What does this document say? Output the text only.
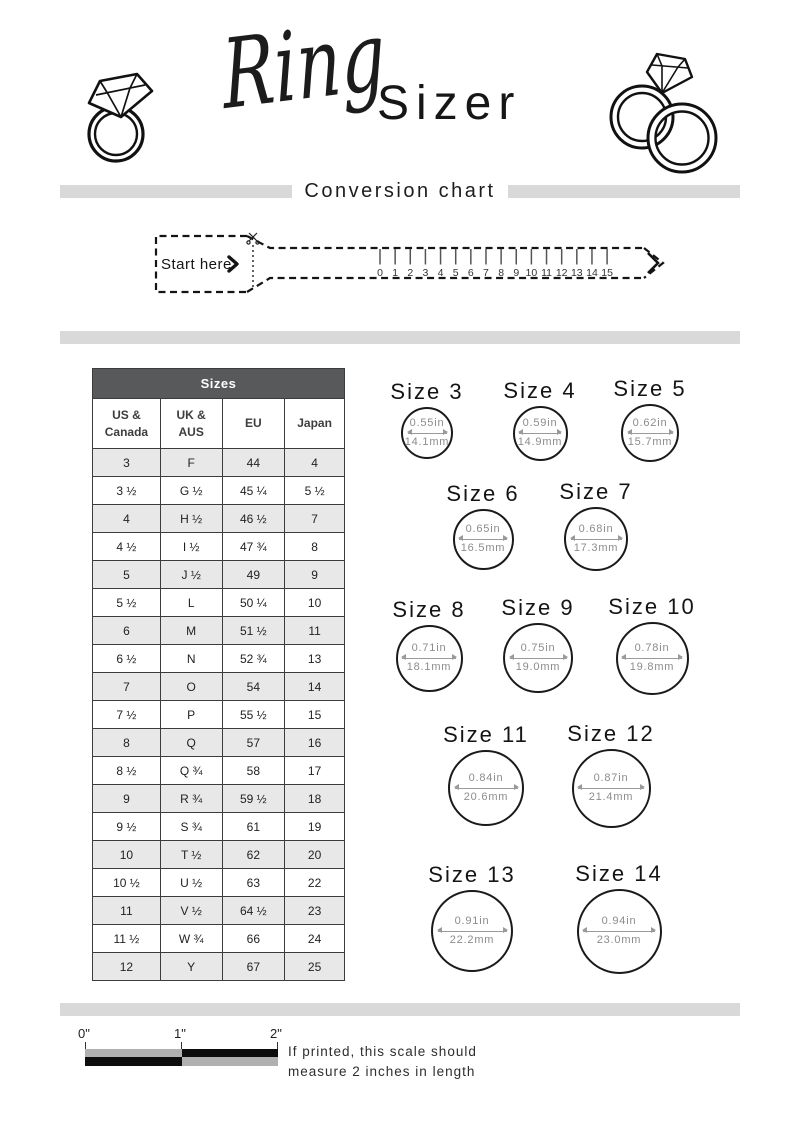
Ring
Sizer
Conversion chart
Start here	0 1 2 3 4 5 6 7 8 9 10 11 12 13 14 15
Sizes			
US & Canada	UK & AUS	EU	Japan
3	F	44	4
3 ½	G ½	45 ¼	5 ½
4	H ½	46 ½	7
4 ½	I ½	47 ¾	8
5	J ½	49	9
5 ½	L	50 ¼	10
6	M	51 ½	11
6 ½	N	52 ¾	13
7	O	54	14
7 ½	P	55 ½	15
8	Q	57	16
8 ½	Q ¾	58	17
9	R ¾	59 ½	18
9 ½	S ¾	61	19
10	T ½	62	20
10 ½	U ½	63	22
11	V ½	64 ½	23
11 ½	W ¾	66	24
12	Y	67	25
Size 3
0.55in
14.1mm
Size 4
0.59in
14.9mm
Size 5
0.62in
15.7mm
Size 6
0.65in
16.5mm
Size 7
0.68in
17.3mm
Size 8
0.71in
18.1mm
Size 9
0.75in
19.0mm
Size 10
0.78in
19.8mm
Size 11
0.84in
20.6mm
Size 12
0.87in
21.4mm
Size 13
0.91in
22.2mm
Size 14
0.94in
23.0mm
0"	1"	2"
If printed, this scale should
measure 2 inches in length
